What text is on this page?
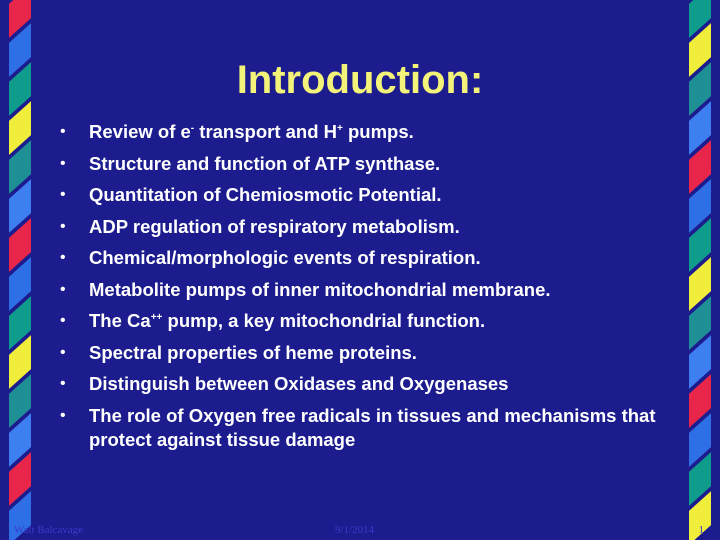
Introduction:
• Review of e- transport and H+ pumps.
• Structure and function of ATP synthase.
• Quantitation of Chemiosmotic Potential.
• ADP regulation of respiratory metabolism.
• Chemical/morphologic events of respiration.
• Metabolite pumps of inner mitochondrial membrane.
• The Ca++ pump, a key mitochondrial function.
• Spectral properties of heme proteins.
• Distinguish between Oxidases and Oxygenases
• The role of Oxygen free radicals in tissues and mechanisms that protect against tissue damage
Walt Balcavage	9/1/2014	1
